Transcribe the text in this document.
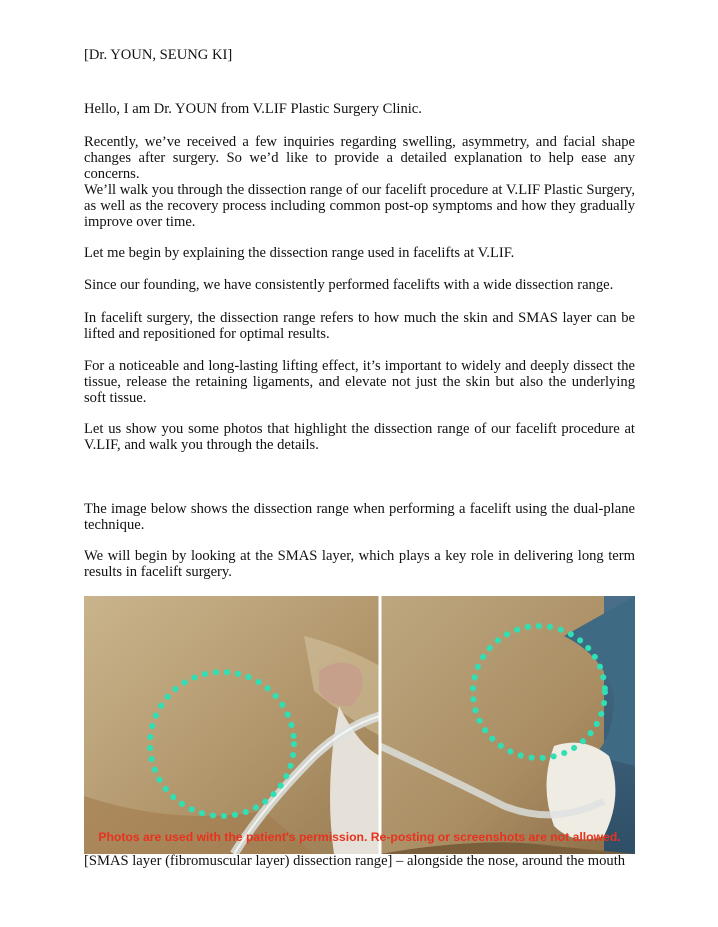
[Dr. YOUN, SEUNG KI]

Hello, I am Dr. YOUN from V.LIF Plastic Surgery Clinic.

Recently, we’ve received a few inquiries regarding swelling, asymmetry, and facial shape changes after surgery. So we’d like to provide a detailed explanation to help ease any concerns.

We’ll walk you through the dissection range of our facelift procedure at V.LIF Plastic Surgery, as well as the recovery process including common post-op symptoms and how they gradually improve over time.

Let me begin by explaining the dissection range used in facelifts at V.LIF.

Since our founding, we have consistently performed facelifts with a wide dissection range.

In facelift surgery, the dissection range refers to how much the skin and SMAS layer can be lifted and repositioned for optimal results.

For a noticeable and long-lasting lifting effect, it’s important to widely and deeply dissect the tissue, release the retaining ligaments, and elevate not just the skin but also the underlying soft tissue.

Let us show you some photos that highlight the dissection range of our facelift procedure at V.LIF, and walk you through the details.

The image below shows the dissection range when performing a facelift using the dual-plane technique.

We will begin by looking at the SMAS layer, which plays a key role in delivering long term results in facelift surgery.

Photos are used with the patient's permission. Re-posting or screenshots are not allowed.
[SMAS layer (fibromuscular layer) dissection range] – alongside the nose, around the mouth
